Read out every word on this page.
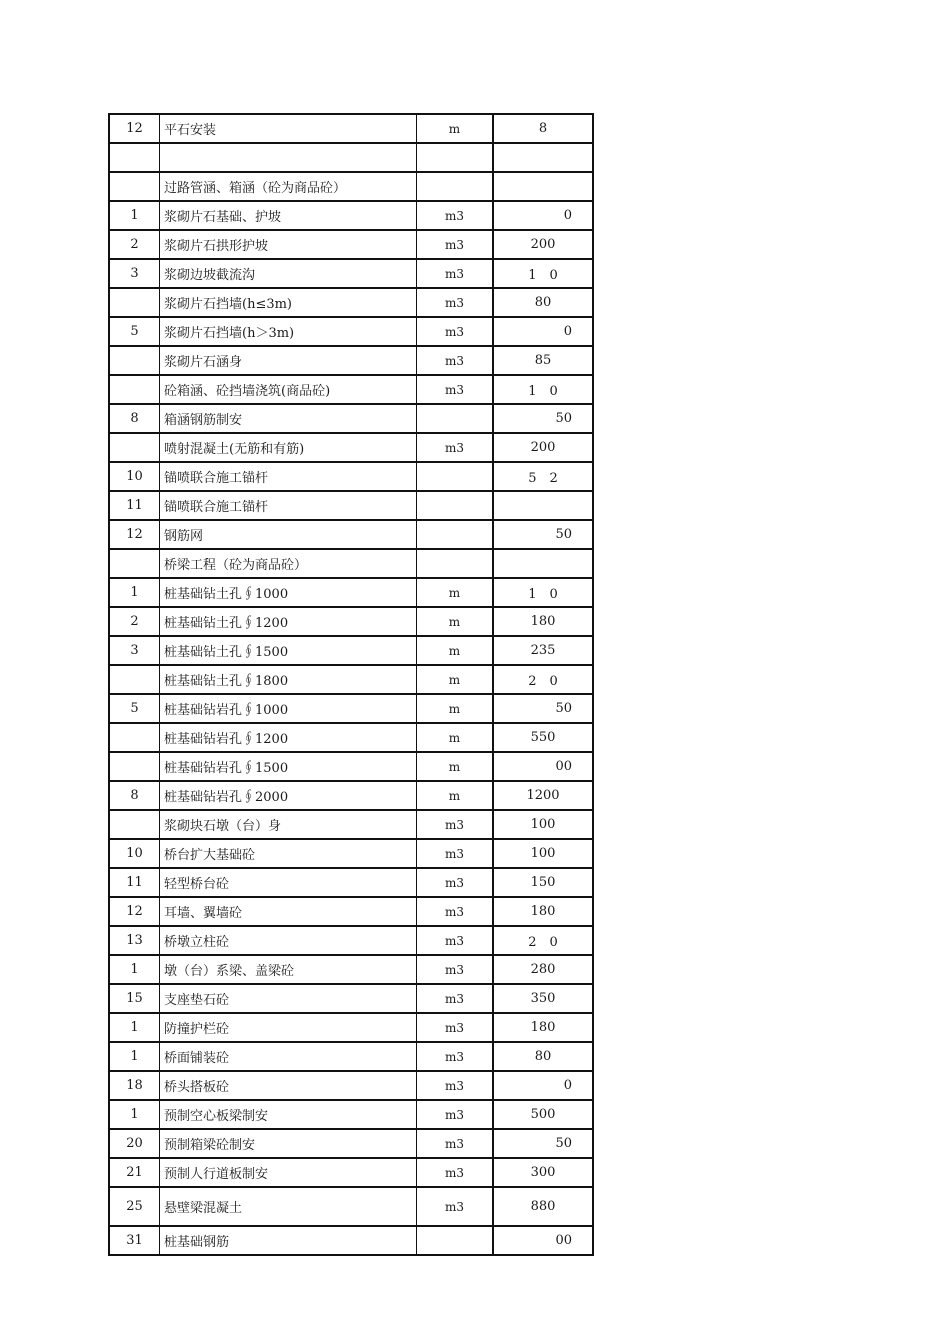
12	平石安装	m	8

	过路管涵、箱涵（砼为商品砼）		
1	浆砌片石基础、护坡	m3	0
2	浆砌片石拱形护坡	m3	200
3	浆砌边坡截流沟	m3	1　0
	浆砌片石挡墙(h≤3m)	m3	80
5	浆砌片石挡墙(h＞3m)	m3	0
	浆砌片石涵身	m3	85
	砼箱涵、砼挡墙浇筑(商品砼)	m3	1　0
8	箱涵钢筋制安		50
	喷射混凝土(无筋和有筋)	m3	200
10	锚喷联合施工锚杆		5　2
11	锚喷联合施工锚杆		
12	钢筋网		50
	桥梁工程（砼为商品砼）		
1	桩基础钻土孔∮1000	m	1　0
2	桩基础钻土孔∮1200	m	180
3	桩基础钻土孔∮1500	m	235
	桩基础钻土孔∮1800	m	2　0
5	桩基础钻岩孔∮1000	m	50
	桩基础钻岩孔∮1200	m	550
	桩基础钻岩孔∮1500	m	00
8	桩基础钻岩孔∮2000	m	1200
	浆砌块石墩（台）身	m3	100
10	桥台扩大基础砼	m3	100
11	轻型桥台砼	m3	150
12	耳墙、翼墙砼	m3	180
13	桥墩立柱砼	m3	2　0
1	墩（台）系梁、盖梁砼	m3	280
15	支座垫石砼	m3	350
1	防撞护栏砼	m3	180
1	桥面铺装砼	m3	80
18	桥头搭板砼	m3	0
1	预制空心板梁制安	m3	500
20	预制箱梁砼制安	m3	50
21	预制人行道板制安	m3	300
25	悬壁梁混凝土	m3	880
31	桩基础钢筋		00
